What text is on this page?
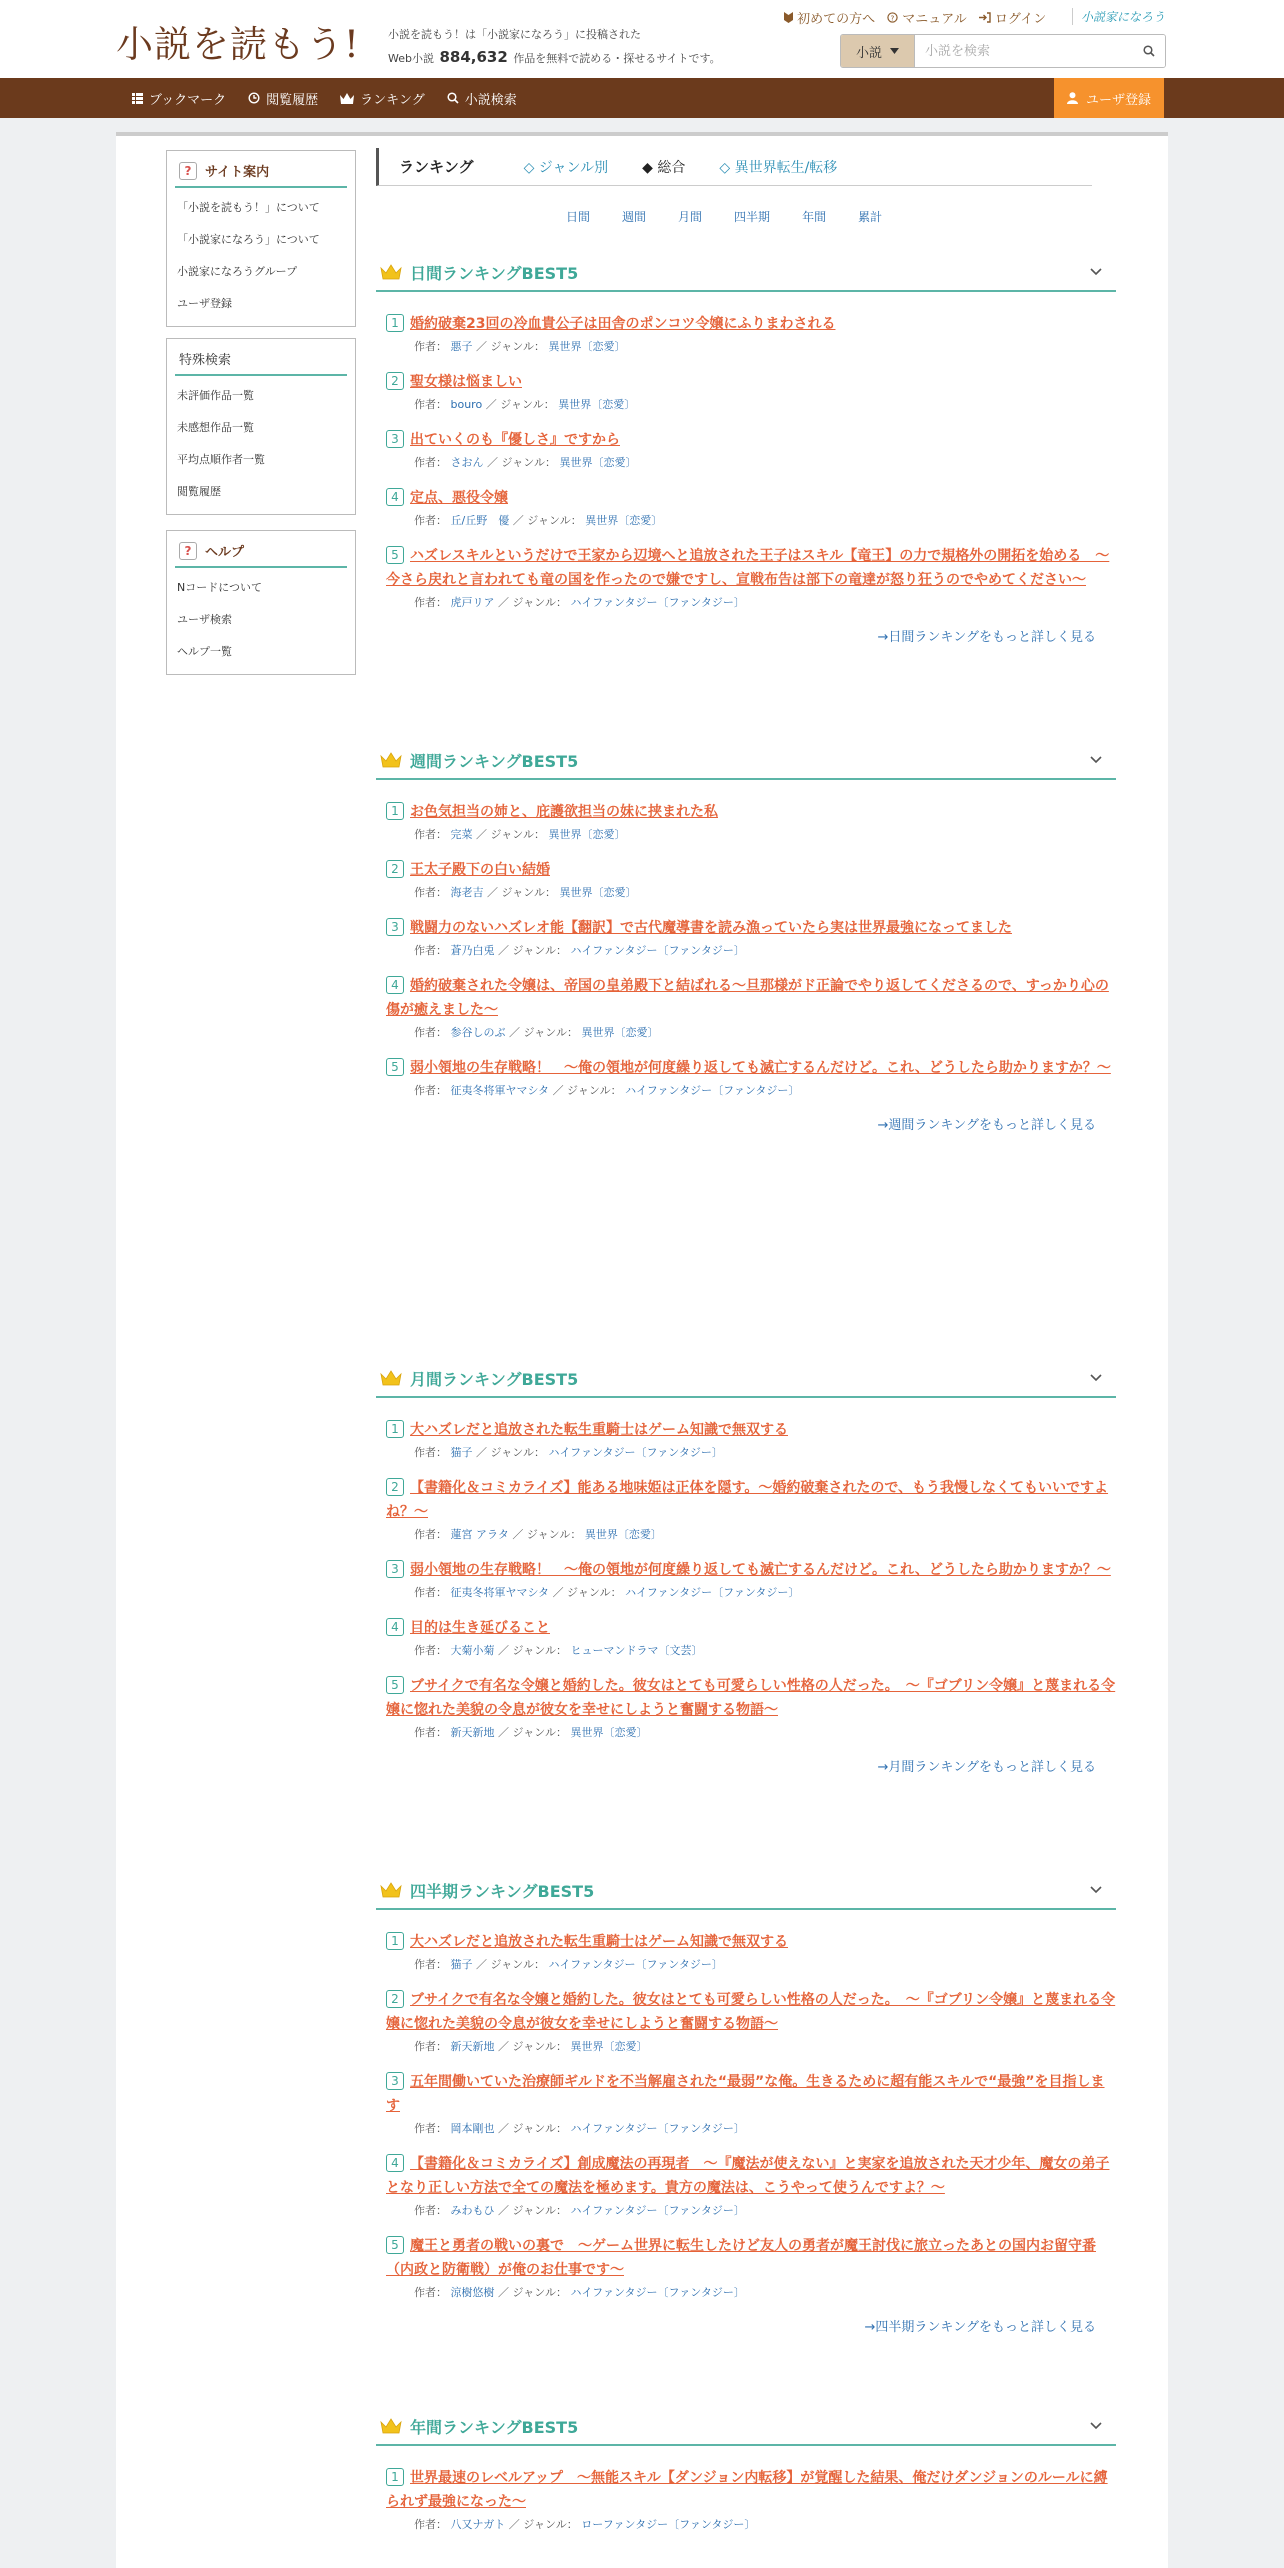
小説を読もう!	小説を読もう！は「小説家になろう」に投稿された
Web小説 884,632 作品を無料で読める・探せるサイトです。
初めての方へ ? マニュアル	ログイン	小説家になろう
小説
小説を検索
ブックマーク	閲覧履歴	ランキング	小説検索	ユーザ登録
?	サイト案内
「小説を読もう！」について
「小説家になろう」について
小説家になろうグループ
ユーザ登録
特殊検索
未評価作品一覧
未感想作品一覧
平均点順作者一覧
閲覧履歴
?	ヘルプ
Nコードについて
ユーザ検索
ヘルプ一覧
ランキング	◇ ジャンル別 ◆ 総合 ◇ 異世界転生/転移
日間	週間	月間	四半期	年間	累計
日間ランキングBEST5
1 婚約破棄23回の冷血貴公子は田舎のポンコツ令嬢にふりまわされる
作者： 悪子 ／ ジャンル： 異世界〔恋愛〕
2 聖女様は悩ましい
作者： bouro ／ ジャンル： 異世界〔恋愛〕
3 出ていくのも『優しさ』ですから
作者： さおん ／ ジャンル： 異世界〔恋愛〕
4 定点、悪役令嬢
作者： 丘/丘野　優 ／ ジャンル： 異世界〔恋愛〕
5 ハズレスキルというだけで王家から辺境へと追放された王子はスキル【竜王】の力で規格外の開拓を始める　～今さら戻れと言われても竜の国を作ったので嫌ですし、宣戦布告は部下の竜達が怒り狂うのでやめてください～
作者： 虎戸リア ／ ジャンル： ハイファンタジー〔ファンタジー〕
→日間ランキングをもっと詳しく見る
週間ランキングBEST5
1 お色気担当の姉と、庇護欲担当の妹に挟まれた私
作者： 完菜 ／ ジャンル： 異世界〔恋愛〕
2 王太子殿下の白い結婚
作者： 海老吉 ／ ジャンル： 異世界〔恋愛〕
3 戦闘力のないハズレオ能【翻訳】で古代魔導書を読み漁っていたら実は世界最強になってました
作者： 蒼乃白兎 ／ ジャンル： ハイファンタジー〔ファンタジー〕
4 婚約破棄された令嬢は、帝国の皇弟殿下と結ばれる～旦那様がド正論でやり返してくださるので、すっかり心の傷が癒えました～
作者： 参谷しのぶ ／ ジャンル： 異世界〔恋愛〕
5 弱小領地の生存戦略！　～俺の領地が何度繰り返しても滅亡するんだけど。これ、どうしたら助かりますか？～
作者： 征夷冬将軍ヤマシタ ／ ジャンル： ハイファンタジー〔ファンタジー〕
→週間ランキングをもっと詳しく見る
月間ランキングBEST5
1 大ハズレだと追放された転生重騎士はゲーム知識で無双する
作者： 猫子 ／ ジャンル： ハイファンタジー〔ファンタジー〕
2 【書籍化＆コミカライズ】能ある地味姫は正体を隠す。〜婚約破棄されたので、もう我慢しなくてもいいですよね？〜
作者： 蓮宮 アラタ ／ ジャンル： 異世界〔恋愛〕
3 弱小領地の生存戦略！　～俺の領地が何度繰り返しても滅亡するんだけど。これ、どうしたら助かりますか？～
作者： 征夷冬将軍ヤマシタ ／ ジャンル： ハイファンタジー〔ファンタジー〕
4 目的は生き延びること
作者： 大菊小菊 ／ ジャンル： ヒューマンドラマ〔文芸〕
5 ブサイクで有名な令嬢と婚約した。彼女はとても可愛らしい性格の人だった。　～『ゴブリン令嬢』と蔑まれる令嬢に惚れた美貌の令息が彼女を幸せにしようと奮闘する物語～
作者： 新天新地 ／ ジャンル： 異世界〔恋愛〕
→月間ランキングをもっと詳しく見る
四半期ランキングBEST5
1 大ハズレだと追放された転生重騎士はゲーム知識で無双する
作者： 猫子 ／ ジャンル： ハイファンタジー〔ファンタジー〕
2 ブサイクで有名な令嬢と婚約した。彼女はとても可愛らしい性格の人だった。　～『ゴブリン令嬢』と蔑まれる令嬢に惚れた美貌の令息が彼女を幸せにしようと奮闘する物語～
作者： 新天新地 ／ ジャンル： 異世界〔恋愛〕
3 五年間働いていた治療師ギルドを不当解雇された“最弱”な俺。生きるために超有能スキルで“最強”を目指します
作者： 岡本剛也 ／ ジャンル： ハイファンタジー〔ファンタジー〕
4 【書籍化＆コミカライズ】創成魔法の再現者　～『魔法が使えない』と実家を追放された天才少年、魔女の弟子となり正しい方法で全ての魔法を極めます。貴方の魔法は、こうやって使うんですよ？～
作者： みわもひ ／ ジャンル： ハイファンタジー〔ファンタジー〕
5 魔王と勇者の戦いの裏で　～ゲーム世界に転生したけど友人の勇者が魔王討伐に旅立ったあとの国内お留守番（内政と防衛戦）が俺のお仕事です～
作者： 涼樹悠樹 ／ ジャンル： ハイファンタジー〔ファンタジー〕
→四半期ランキングをもっと詳しく見る
年間ランキングBEST5
1 世界最速のレベルアップ　～無能スキル【ダンジョン内転移】が覚醒した結果、俺だけダンジョンのルールに縛られず最強になった～
作者： 八又ナガト ／ ジャンル： ローファンタジー〔ファンタジー〕
